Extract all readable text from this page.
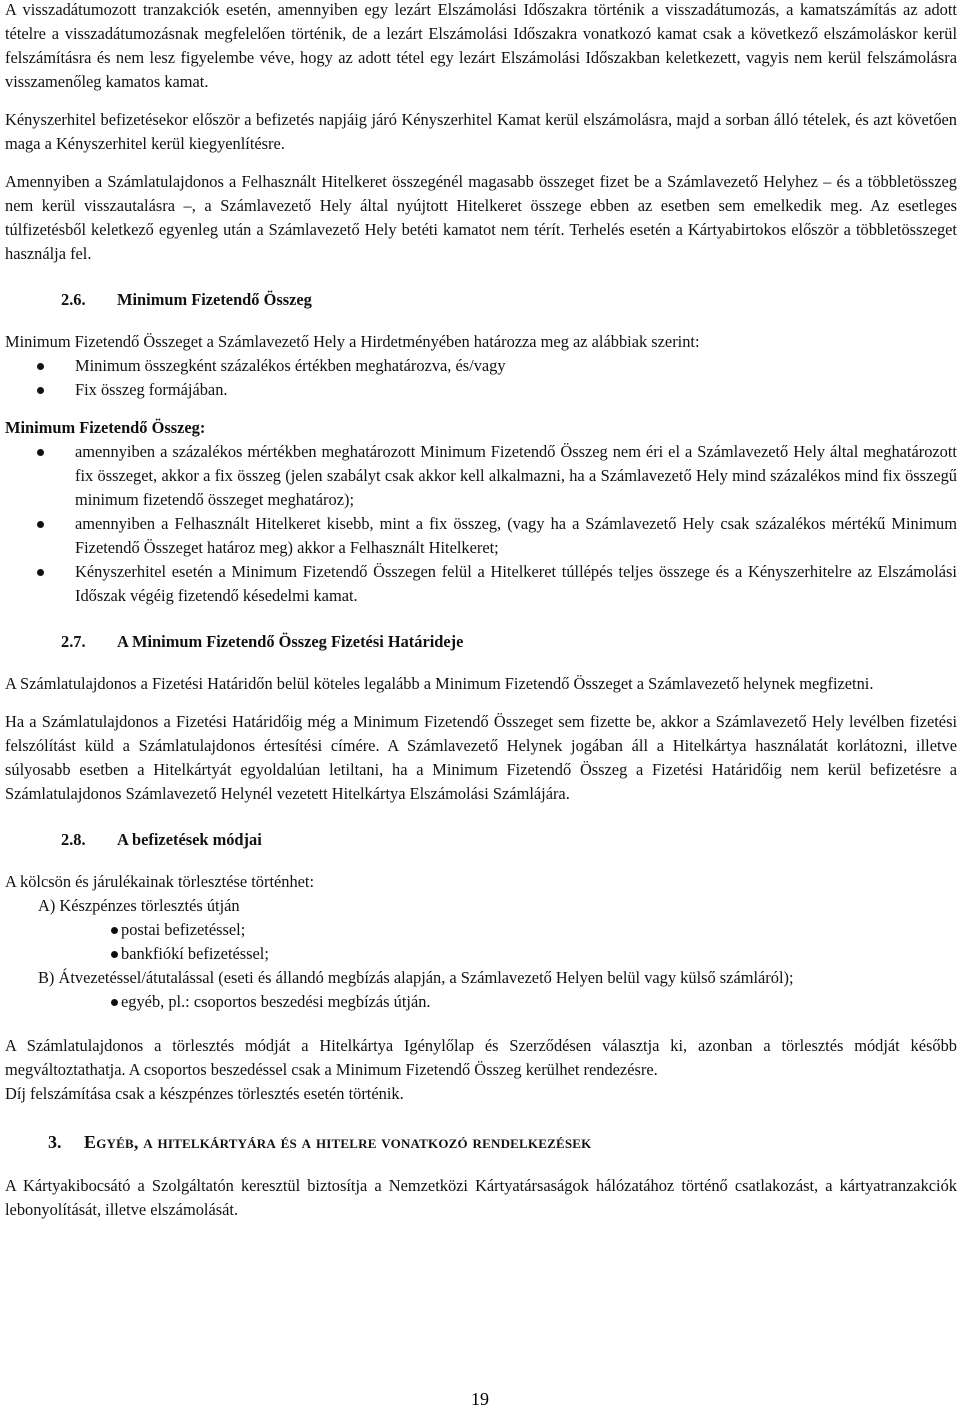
A visszadátumozott tranzakciók esetén, amennyiben egy lezárt Elszámolási Időszakra történik a visszadátumozás, a kamatszámítás az adott tételre a visszadátumozásnak megfelelően történik, de a lezárt Elszámolási Időszakra vonatkozó kamat csak a következő elszámoláskor kerül felszámításra és nem lesz figyelembe véve, hogy az adott tétel egy lezárt Elszámolási Időszakban keletkezett, vagyis nem kerül felszámolásra visszamenőleg kamatos kamat.

Kényszerhitel befizetésekor először a befizetés napjáig járó Kényszerhitel Kamat kerül elszámolásra, majd a sorban álló tételek, és azt követően maga a Kényszerhitel kerül kiegyenlítésre.

Amennyiben a Számlatulajdonos a Felhasznált Hitelkeret összegénél magasabb összeget fizet be a Számlavezető Helyhez – és a többletösszeg nem kerül visszautalásra –, a Számlavezető Hely által nyújtott Hitelkeret összege ebben az esetben sem emelkedik meg. Az esetleges túlfizetésből keletkező egyenleg után a Számlavezető Hely betéti kamatot nem térít. Terhelés esetén a Kártyabirtokos először a többletösszeget használja fel.

2.6.	Minimum Fizetendő Összeg

Minimum Fizetendő Összeget a Számlavezető Hely a Hirdetményében határozza meg az alábbiak szerint:

Minimum összegként százalékos értékben meghatározva, és/vagy
Fix összeg formájában.

Minimum Fizetendő Összeg:

amennyiben a százalékos mértékben meghatározott Minimum Fizetendő Összeg nem éri el a Számlavezető Hely által meghatározott fix összeget, akkor a fix összeg (jelen szabályt csak akkor kell alkalmazni, ha a Számlavezető Hely mind százalékos mind fix összegű minimum fizetendő összeget meghatároz);
amennyiben a Felhasznált Hitelkeret kisebb, mint a fix összeg, (vagy ha a Számlavezető Hely csak százalékos mértékű Minimum Fizetendő Összeget határoz meg) akkor a Felhasznált Hitelkeret;
Kényszerhitel esetén a Minimum Fizetendő Összegen felül a Hitelkeret túllépés teljes összege és a Kényszerhitelre az Elszámolási Időszak végéig fizetendő késedelmi kamat.
2.7.	A Minimum Fizetendő Összeg Fizetési Határideje

A Számlatulajdonos a Fizetési Határidőn belül köteles legalább a Minimum Fizetendő Összeget a Számlavezető helynek megfizetni.

Ha a Számlatulajdonos a Fizetési Határidőig még a Minimum Fizetendő Összeget sem fizette be, akkor a Számlavezető Hely levélben fizetési felszólítást küld a Számlatulajdonos értesítési címére. A Számlavezető Helynek jogában áll a Hitelkártya használatát korlátozni, illetve súlyosabb esetben a Hitelkártyát egyoldalúan letiltani, ha a Minimum Fizetendő Összeg a Fizetési Határidőig nem kerül befizetésre a Számlatulajdonos Számlavezető Helynél vezetett Hitelkártya Elszámolási Számlájára.

2.8.	A befizetések módjai

A kölcsön és járulékainak törlesztése történhet:

A) Készpénzes törlesztés útján
postai befizetéssel;
bankfiókí befizetéssel;
B) Átvezetéssel/átutalással (eseti és állandó megbízás alapján, a Számlavezető Helyen belül vagy külső számláról);
egyéb, pl.: csoportos beszedési megbízás útján.

A Számlatulajdonos a törlesztés módját a Hitelkártya Igénylőlap és Szerződésen választja ki, azonban a törlesztés módját később megváltoztathatja. A csoportos beszedéssel csak a Minimum Fizetendő Összeg kerülhet rendezésre.

Díj felszámítása csak a készpénzes törlesztés esetén történik.

3.	Egyéb, a hitelkártyára és a hitelre vonatkozó rendelkezések

A Kártyakibocsátó a Szolgáltatón keresztül biztosítja a Nemzetközi Kártyatársaságok hálózatához történő csatlakozást, a kártyatranzakciók lebonyolítását, illetve elszámolását.

19
